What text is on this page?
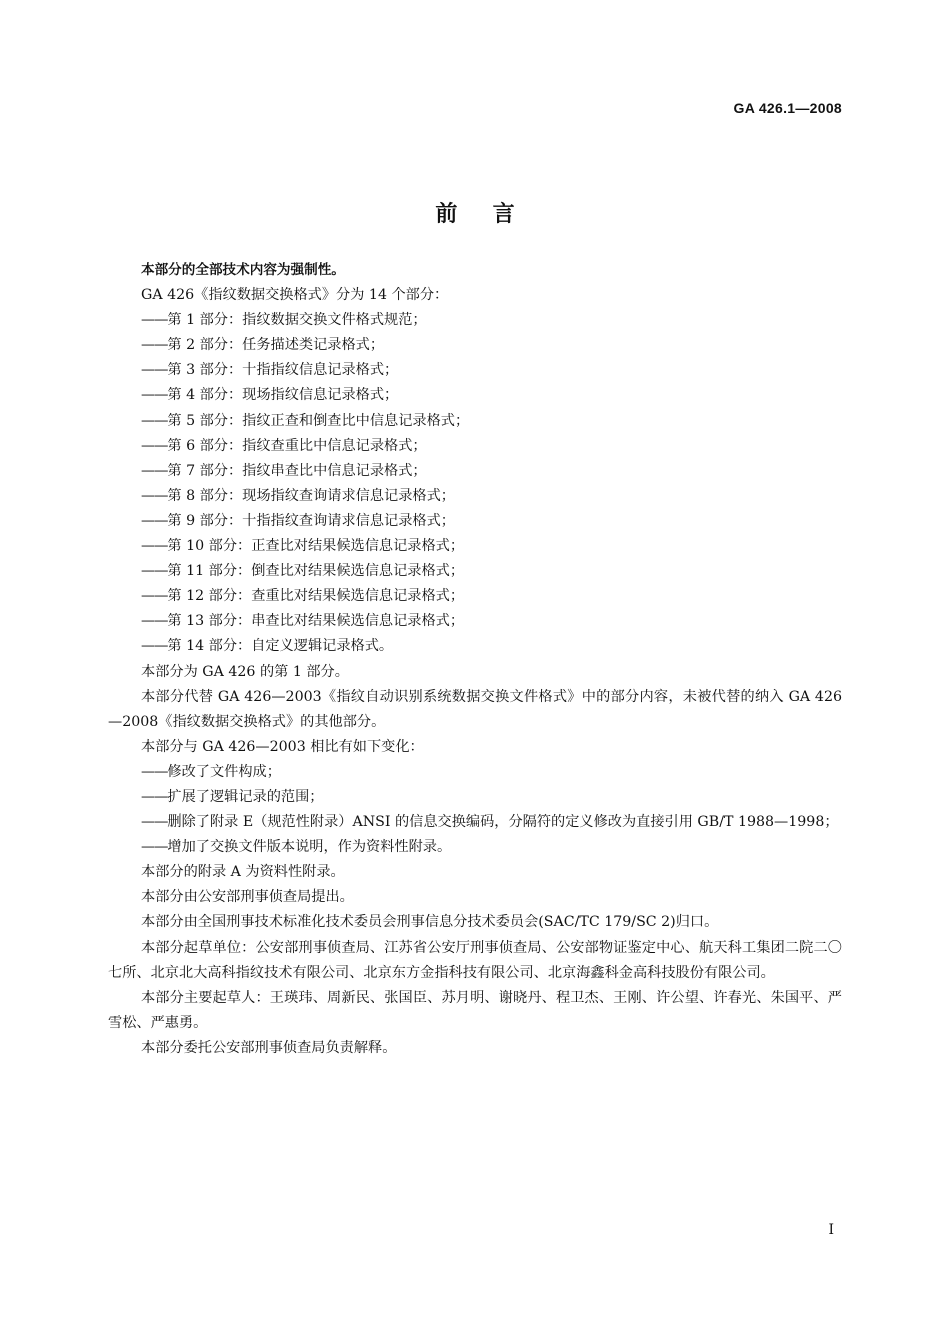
GA 426.1—2008
前言

本部分的全部技术内容为强制性。

GA 426《指纹数据交换格式》分为 14 个部分：

—— 第 1 部分：指纹数据交换文件格式规范；
—— 第 2 部分：任务描述类记录格式；
—— 第 3 部分：十指指纹信息记录格式；
—— 第 4 部分：现场指纹信息记录格式；
—— 第 5 部分：指纹正查和倒查比中信息记录格式；
—— 第 6 部分：指纹查重比中信息记录格式；
—— 第 7 部分：指纹串查比中信息记录格式；
—— 第 8 部分：现场指纹查询请求信息记录格式；
—— 第 9 部分：十指指纹查询请求信息记录格式；
—— 第 10 部分：正查比对结果候选信息记录格式；
—— 第 11 部分：倒查比对结果候选信息记录格式；
—— 第 12 部分：查重比对结果候选信息记录格式；
—— 第 13 部分：串查比对结果候选信息记录格式；
—— 第 14 部分：自定义逻辑记录格式。

本部分为 GA 426 的第 1 部分。

本部分代替 GA 426—2003《指纹自动识别系统数据交换文件格式》中的部分内容，未被代替的纳入 GA 426—2008《指纹数据交换格式》的其他部分。

本部分与 GA 426—2003 相比有如下变化：

—— 修改了文件构成；
—— 扩展了逻辑记录的范围；
—— 删除了附录 E（规范性附录）ANSI 的信息交换编码，分隔符的定义修改为直接引用 GB/T 1988—1998；
—— 增加了交换文件版本说明，作为资料性附录。

本部分的附录 A 为资料性附录。

本部分由公安部刑事侦查局提出。

本部分由全国刑事技术标准化技术委员会刑事信息分技术委员会(SAC/TC 179/SC 2)归口。

本部分起草单位：公安部刑事侦查局、江苏省公安厅刑事侦查局、公安部物证鉴定中心、航天科工集团二院二〇七所、北京北大高科指纹技术有限公司、北京东方金指科技有限公司、北京海鑫科金高科技股份有限公司。

本部分主要起草人：王瑛玮、周新民、张国臣、苏月明、谢晓丹、程卫杰、王刚、许公望、许春光、朱国平、严雪松、严惠勇。

本部分委托公安部刑事侦查局负责解释。

I
